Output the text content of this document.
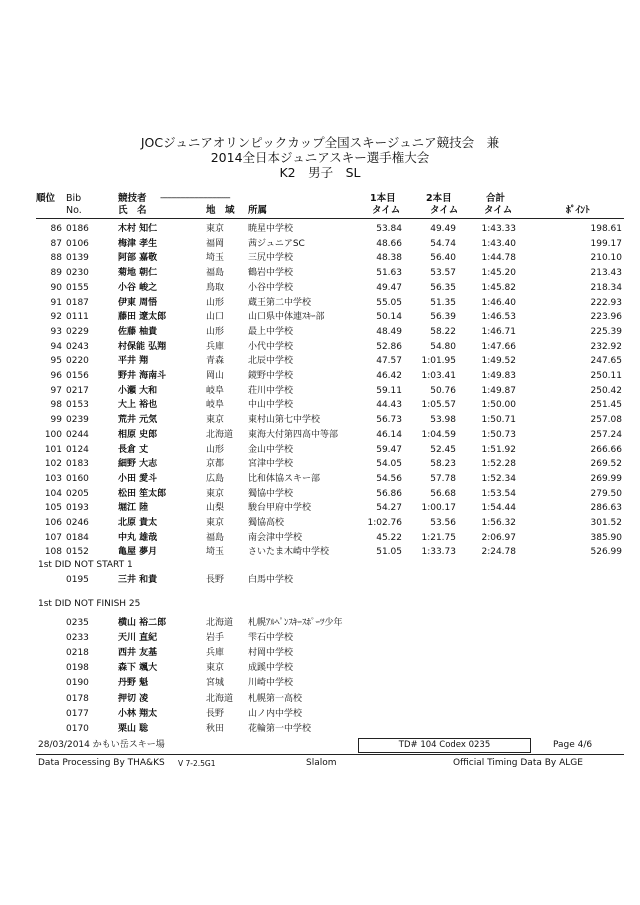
JOCジュニアオリンピックカップ全国スキージュニア競技会　兼
2014全日本ジュニアスキー選手権大会
K2　男子　SL
順位 Bib
No.
競技者 -------------------------------
氏　名	地　域 所属
1本目
タイム
2本目
タイム
合計
タイム	ﾎﾟｲﾝﾄ
86 0186	木村 知仁	東京	暁星中学校	53.84	49.49	1:43.33	198.61
87 0106	梅津 孝生	福岡	茜ジュニアSC	48.66	54.74	1:43.40	199.17
88 0139	阿部 嘉敬	埼玉	三尻中学校	48.38	56.40	1:44.78	210.10
89 0230	菊地 朝仁	福島	鶴岩中学校	51.63	53.57	1:45.20	213.43
90 0155	小谷 峻之	鳥取	小谷中学校	49.47	56.35	1:45.82	218.34
91 0187	伊東 周悟	山形	蔵王第二中学校	55.05	51.35	1:46.40	222.93
92 0111	藤田 遼太郎	山口	山口県中体連ｽｷｰ部	50.14	56.39	1:46.53	223.96
93 0229	佐藤 柚貴	山形	最上中学校	48.49	58.22	1:46.71	225.39
94 0243	村保能 弘翔	兵庫	小代中学校	52.86	54.80	1:47.66	232.92
95 0220	平井 翔	青森	北辰中学校	47.57	1:01.95	1:49.52	247.65
96 0156	野井 海南斗	岡山	鏡野中学校	46.42	1:03.41	1:49.83	250.11
97 0217	小瀬 大和	岐阜	荘川中学校	59.11	50.76	1:49.87	250.42
98 0153	大上 裕也	岐阜	中山中学校	44.43	1:05.57	1:50.00	251.45
99 0239	荒井 元気	東京	東村山第七中学校	56.73	53.98	1:50.71	257.08
100 0244	相原 史郎	北海道 東海大付第四高中等部	46.14	1:04.59	1:50.73	257.24
101 0124	長倉 丈	山形	金山中学校	59.47	52.45	1:51.92	266.66
102 0183	細野 大志	京都	宮津中学校	54.05	58.23	1:52.28	269.52
103 0160	小田 愛斗	広島	比和体協スキー部	54.56	57.78	1:52.34	269.99
104 0205	松田 笙太郎	東京	獨協中学校	56.86	56.68	1:53.54	279.50
105 0193	堀江 陸	山梨	駿台甲府中学校	54.27	1:00.17	1:54.44	286.63
106 0246	北原 貴太	東京	獨協高校	1:02.76	53.56	1:56.32	301.52
107 0184	中丸 雄哉	福島	南会津中学校	45.22	1:21.75	2:06.97	385.90
108 0152	亀屋 夢月	埼玉	さいたま木崎中学校	51.05	1:33.73	2:24.78	526.99
1st DID NOT START 1
0195	三井 和貴	長野	白馬中学校
1st DID NOT FINISH 25
0235	横山 裕二郎	北海道 札幌ｱﾙﾍﾟﾝｽｷｰｽﾎﾟｰﾂ少年
0233	天川 直紀	岩手	雫石中学校
0218	西井 友基	兵庫	村岡中学校
0198	森下 颯大	東京	成蹊中学校
0190	丹野 魁	宮城	川崎中学校
0178	押切 凌	北海道 札幌第一高校
0177	小林 翔太	長野	山ノ内中学校
0170	栗山 聡	秋田	花輪第一中学校
28/03/2014 かもい岳スキー場	TD# 104 Codex 0235	Page 4/6
Data Processing By THA&KS V 7-2.5G1	Slalom	Official Timing Data By ALGE
